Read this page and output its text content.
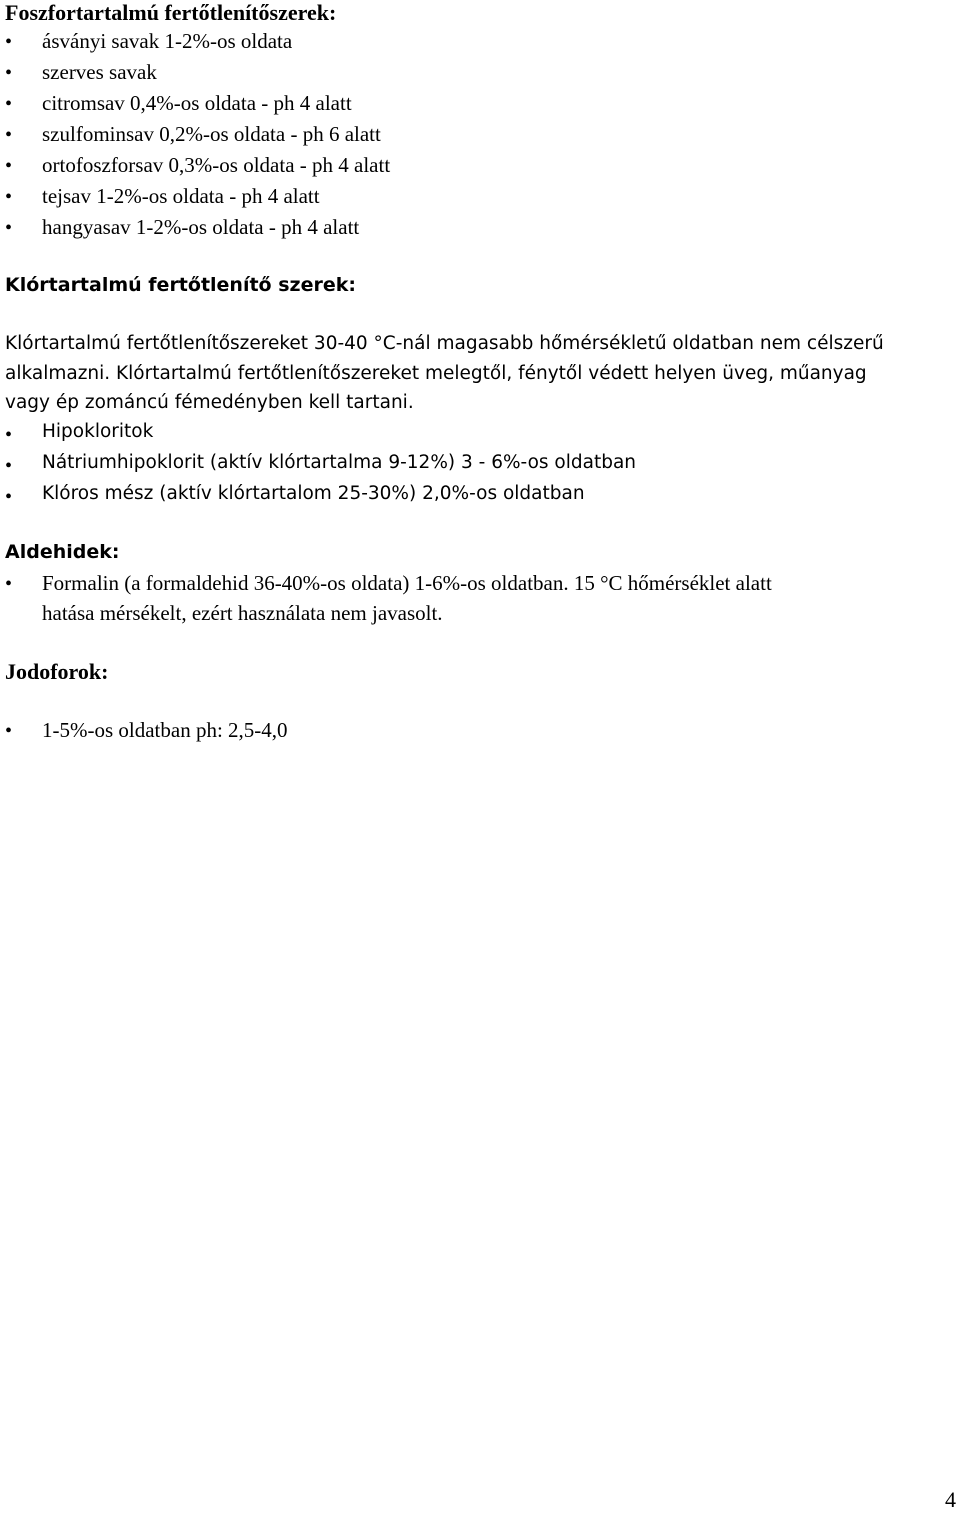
Foszfortartalmú fertőtlenítőszerek:
• ásványi savak 1-2%-os oldata
• szerves savak
• citromsav 0,4%-os oldata - ph 4 alatt
• szulfominsav 0,2%-os oldata - ph 6 alatt
• ortofoszforsav 0,3%-os oldata - ph 4 alatt
• tejsav 1-2%-os oldata - ph 4 alatt
• hangyasav 1-2%-os oldata - ph 4 alatt
Klórtartalmú fertőtlenítő szerek:
Klórtartalmú fertőtlenítőszereket 30-40 °C-nál magasabb hőmérsékletű oldatban nem célszerű
alkalmazni. Klórtartalmú fertőtlenítőszereket melegtől, fénytől védett helyen üveg, műanyag
vagy ép zománcú fémedényben kell tartani.
• Hipokloritok
• Nátriumhipoklorit (aktív klórtartalma 9-12%) 3 - 6%-os oldatban
• Klóros mész (aktív klórtartalom 25-30%) 2,0%-os oldatban
Aldehidek:
• Formalin (a formaldehid 36-40%-os oldata) 1-6%-os oldatban. 15 °C hőmérséklet alatt
hatása mérsékelt, ezért használata nem javasolt.
Jodoforok:
• 1-5%-os oldatban ph: 2,5-4,0
4
